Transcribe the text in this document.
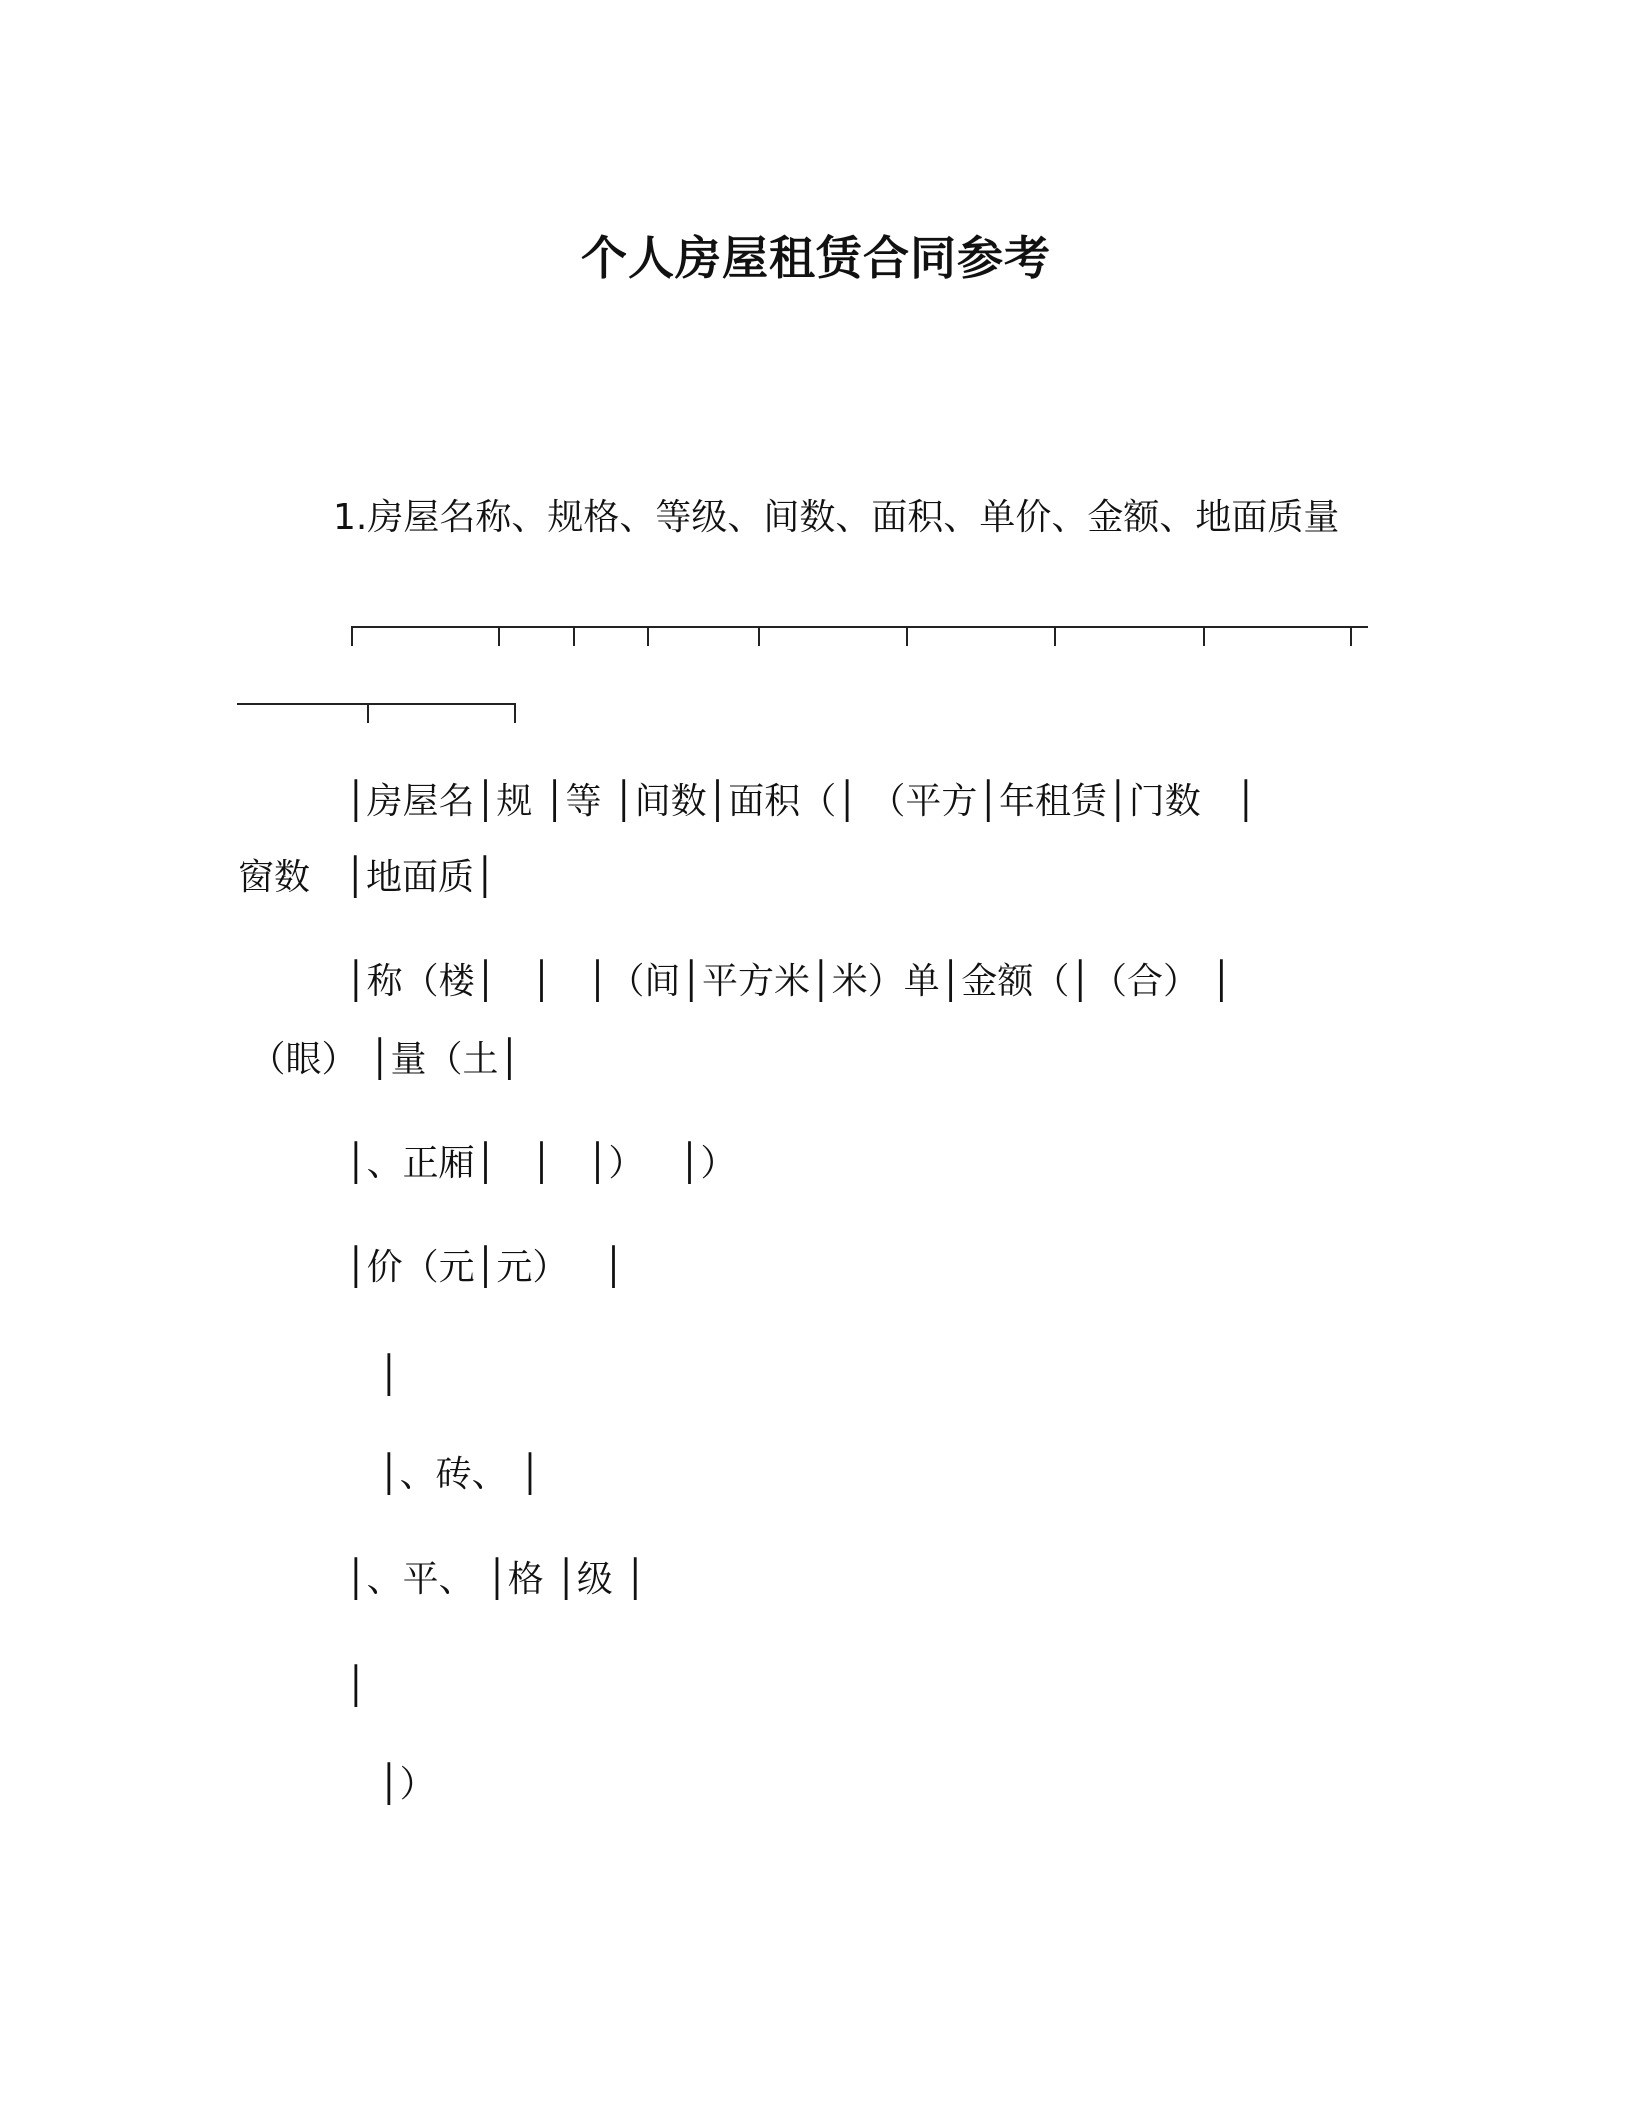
个人房屋租赁合同参考
1.房屋名称、规格、等级、间数、面积、单价、金额、地面质量
│房屋名│规 │等 │间数│面积（│ （平方│年租赁│门数   │
窗数   │地面质│
│称（楼│   │   │（间│平方米│米）单│金额（│（合） │
（眼） │量（土│
│、正厢│   │   │）   │）
│价（元│元）   │
│
│、砖、 │
│、平、 │格 │级 │
│
│）
